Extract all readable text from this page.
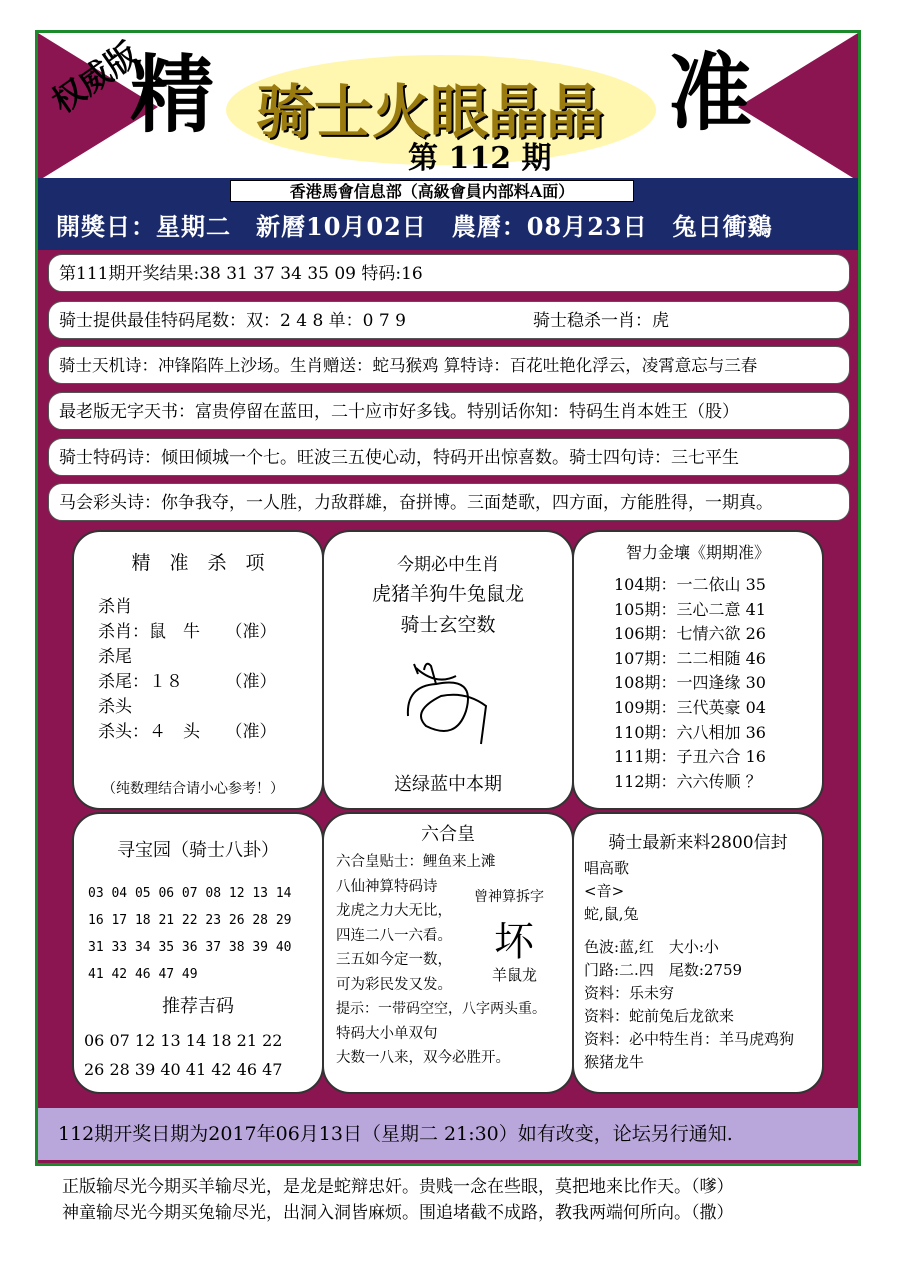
权威版
精	准
骑士火眼晶晶
第 112 期
香港馬會信息部（高級會員内部料A面）
開獎日：星期二　新曆10月02日　農曆：08月23日　兔日衝鷄
第111期开奖结果:38 31 37 34 35 09 特码:16
骑士提供最佳特码尾数：双：2 4 8 单：0 7 9	骑士稳杀一肖：虎
骑士天机诗：冲锋陷阵上沙场。生肖赠送：蛇马猴鸡 算特诗：百花吐艳化浮云，凌霄意忘与三春
最老版无字天书：富贵停留在蓝田，二十应市好多钱。特别话你知：特码生肖本姓王（股）
骑士特码诗：倾田倾城一个七。旺波三五使心动，特码开出惊喜数。骑士四句诗：三七平生
马会彩头诗：你争我夺，一人胜，力敌群雄，奋拼博。三面楚歌，四方面，方能胜得，一期真。
精　准　杀　项
杀肖
杀肖：鼠　牛　　（准）
杀尾
杀尾：１８　　　（准）
杀头
杀头：４　头　　（准）
（纯数理结合请小心参考！）
今期必中生肖
虎猪羊狗牛兔鼠龙
骑士玄空数
送绿蓝中本期
智力金壤《期期准》
104期：一二依山 35
105期：三心二意 41
106期：七情六欲 26
107期：二二相随 46
108期：一四逢缘 30
109期：三代英豪 04
110期：六八相加 36
111期：子丑六合 16
112期：六六传顺 ？
寻宝园（骑士八卦）
03 04 05 06 07 08 12 13 14
16 17 18 21 22 23 26 28 29
31 33 34 35 36 37 38 39 40
41 42 46 47 49
推荐吉码
06 07 12 13 14 18 21 22
26 28 39 40 41 42 46 47
六合皇
六合皇贴士：鲤鱼来上滩
八仙神算特码诗
龙虎之力大无比，
四连二八一六看。
三五如今定一数，
可为彩民发又发。
提示：一带码空空，八字两头重。
特码大小单双句
大数一八来，双今必胜开。
曾神算拆字
坏
羊鼠龙
骑士最新来料2800信封
唱高歌
<音>
蛇,鼠,兔
色波:蓝,红　大小:小
门路:二.四　尾数:2759
资料：乐未穷
资料：蛇前兔后龙欲来
资料：必中特生肖：羊马虎鸡狗
猴猪龙牛
112期开奖日期为2017年06月13日（星期二 21:30）如有改变，论坛另行通知.
正版输尽光今期买羊输尽光，是龙是蛇辩忠奸。贵贱一念在些眼，莫把地来比作天。（嗲）
神童输尽光今期买兔输尽光，出洞入洞皆麻烦。围追堵截不成路，教我两端何所向。（撒）
